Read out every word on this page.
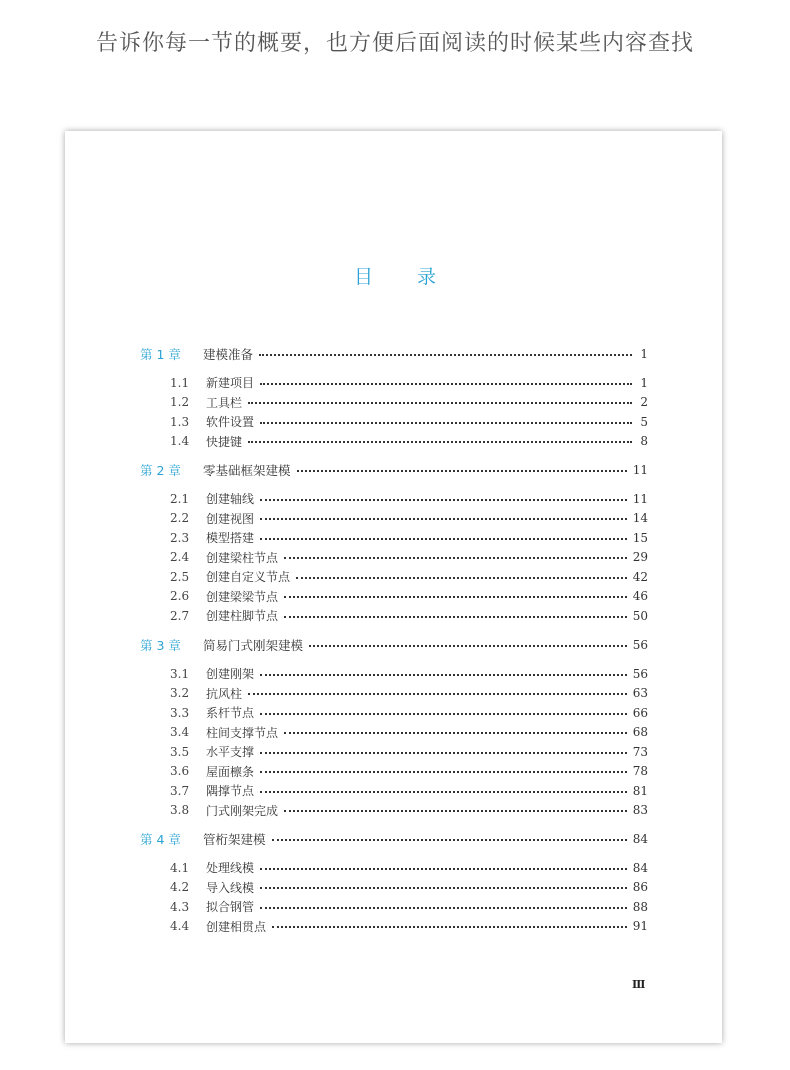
告诉你每一节的概要，也方便后面阅读的时候某些内容查找
目 录
第 1 章	建模准备	1
1.1	新建项目	1
1.2	工具栏	2
1.3	软件设置	5
1.4	快捷键	8
第 2 章	零基础框架建模	11
2.1	创建轴线	11
2.2	创建视图	14
2.3	模型搭建	15
2.4	创建梁柱节点	29
2.5	创建自定义节点	42
2.6	创建梁梁节点	46
2.7	创建柱脚节点	50
第 3 章	简易门式刚架建模	56
3.1	创建刚架	56
3.2	抗风柱	63
3.3	系杆节点	66
3.4	柱间支撑节点	68
3.5	水平支撑	73
3.6	屋面檩条	78
3.7	隅撑节点	81
3.8	门式刚架完成	83
第 4 章	管桁架建模	84
4.1	处理线模	84
4.2	导入线模	86
4.3	拟合钢管	88
4.4	创建相贯点	91
Ⅲ
